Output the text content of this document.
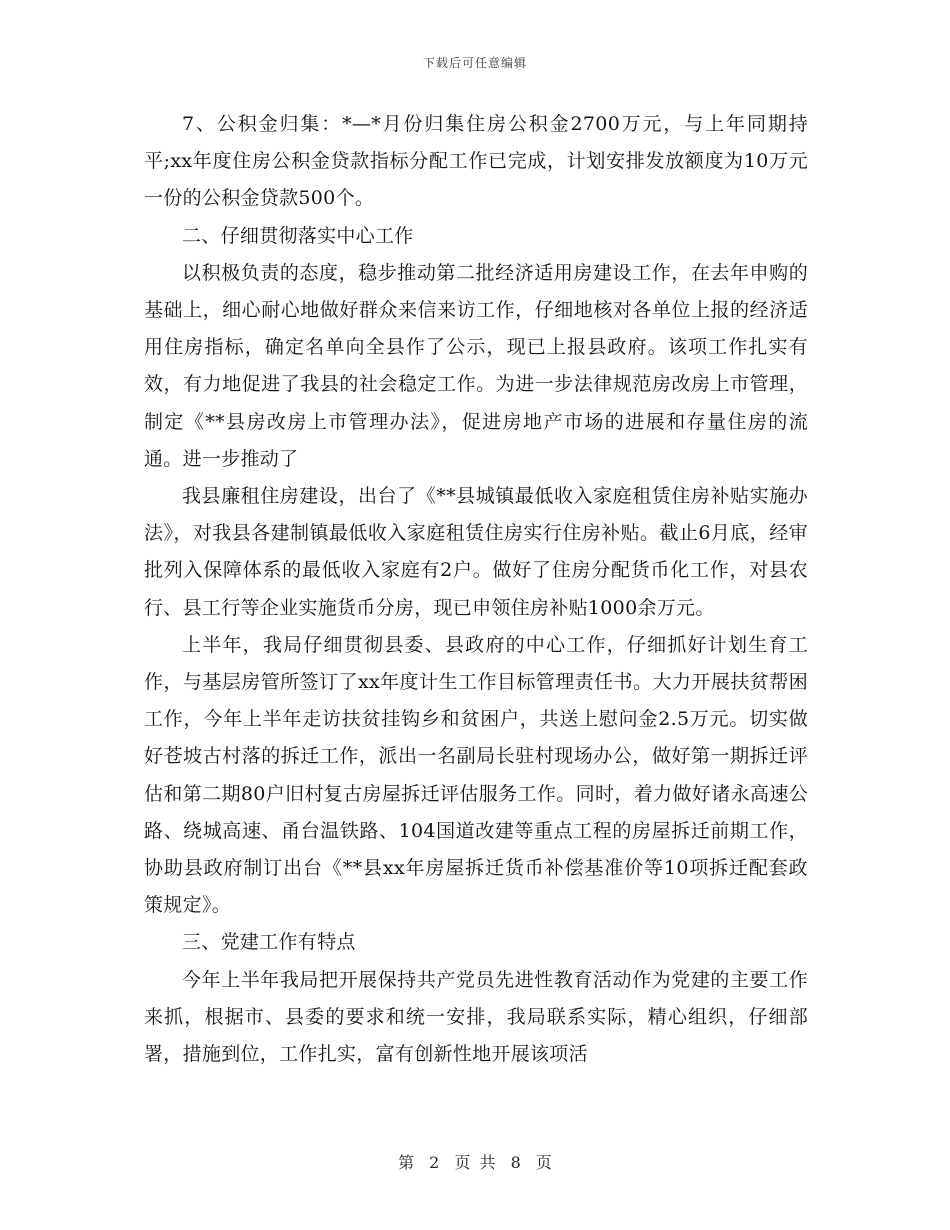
下载后可任意编辑

7、公积金归集：*—*月份归集住房公积金2700万元，与上年同期持平;xx年度住房公积金贷款指标分配工作已完成，计划安排发放额度为10万元一份的公积金贷款500个。

二、仔细贯彻落实中心工作

以积极负责的态度，稳步推动第二批经济适用房建设工作，在去年申购的基础上，细心耐心地做好群众来信来访工作，仔细地核对各单位上报的经济适用住房指标，确定名单向全县作了公示，现已上报县政府。该项工作扎实有效，有力地促进了我县的社会稳定工作。为进一步法律规范房改房上市管理，制定《**县房改房上市管理办法》，促进房地产市场的进展和存量住房的流通。进一步推动了

我县廉租住房建设，出台了《**县城镇最低收入家庭租赁住房补贴实施办法》，对我县各建制镇最低收入家庭租赁住房实行住房补贴。截止6月底，经审批列入保障体系的最低收入家庭有2户。做好了住房分配货币化工作，对县农行、县工行等企业实施货币分房，现已申领住房补贴1000余万元。

上半年，我局仔细贯彻县委、县政府的中心工作，仔细抓好计划生育工作，与基层房管所签订了xx年度计生工作目标管理责任书。大力开展扶贫帮困工作，今年上半年走访扶贫挂钩乡和贫困户，共送上慰问金2.5万元。切实做好苍坡古村落的拆迁工作，派出一名副局长驻村现场办公，做好第一期拆迁评估和第二期80户旧村复古房屋拆迁评估服务工作。同时，着力做好诸永高速公路、绕城高速、甬台温铁路、104国道改建等重点工程的房屋拆迁前期工作，协助县政府制订出台《**县xx年房屋拆迁货币补偿基准价等10项拆迁配套政策规定》。

三、党建工作有特点

今年上半年我局把开展保持共产党员先进性教育活动作为党建的主要工作来抓，根据市、县委的要求和统一安排，我局联系实际，精心组织，仔细部署，措施到位，工作扎实，富有创新性地开展该项活

第 2 页 共 8 页
